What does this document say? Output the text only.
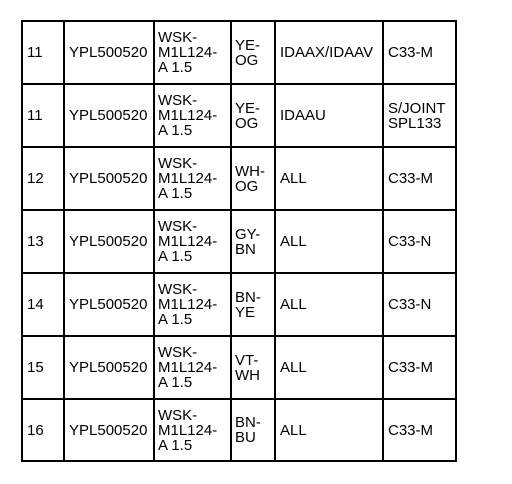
11	YPL500520	WSK-
M1L124-
A 1.5	YE-
OG	IDAAX/IDAAV	C33-M
11	YPL500520	WSK-
M1L124-
A 1.5	YE-
OG	IDAAU	S/JOINT
SPL133
12	YPL500520	WSK-
M1L124-
A 1.5	WH-
OG	ALL	C33-M
13	YPL500520	WSK-
M1L124-
A 1.5	GY-
BN	ALL	C33-N
14	YPL500520	WSK-
M1L124-
A 1.5	BN-
YE	ALL	C33-N
15	YPL500520	WSK-
M1L124-
A 1.5	VT-
WH	ALL	C33-M
16	YPL500520	WSK-
M1L124-
A 1.5	BN-
BU	ALL	C33-M
